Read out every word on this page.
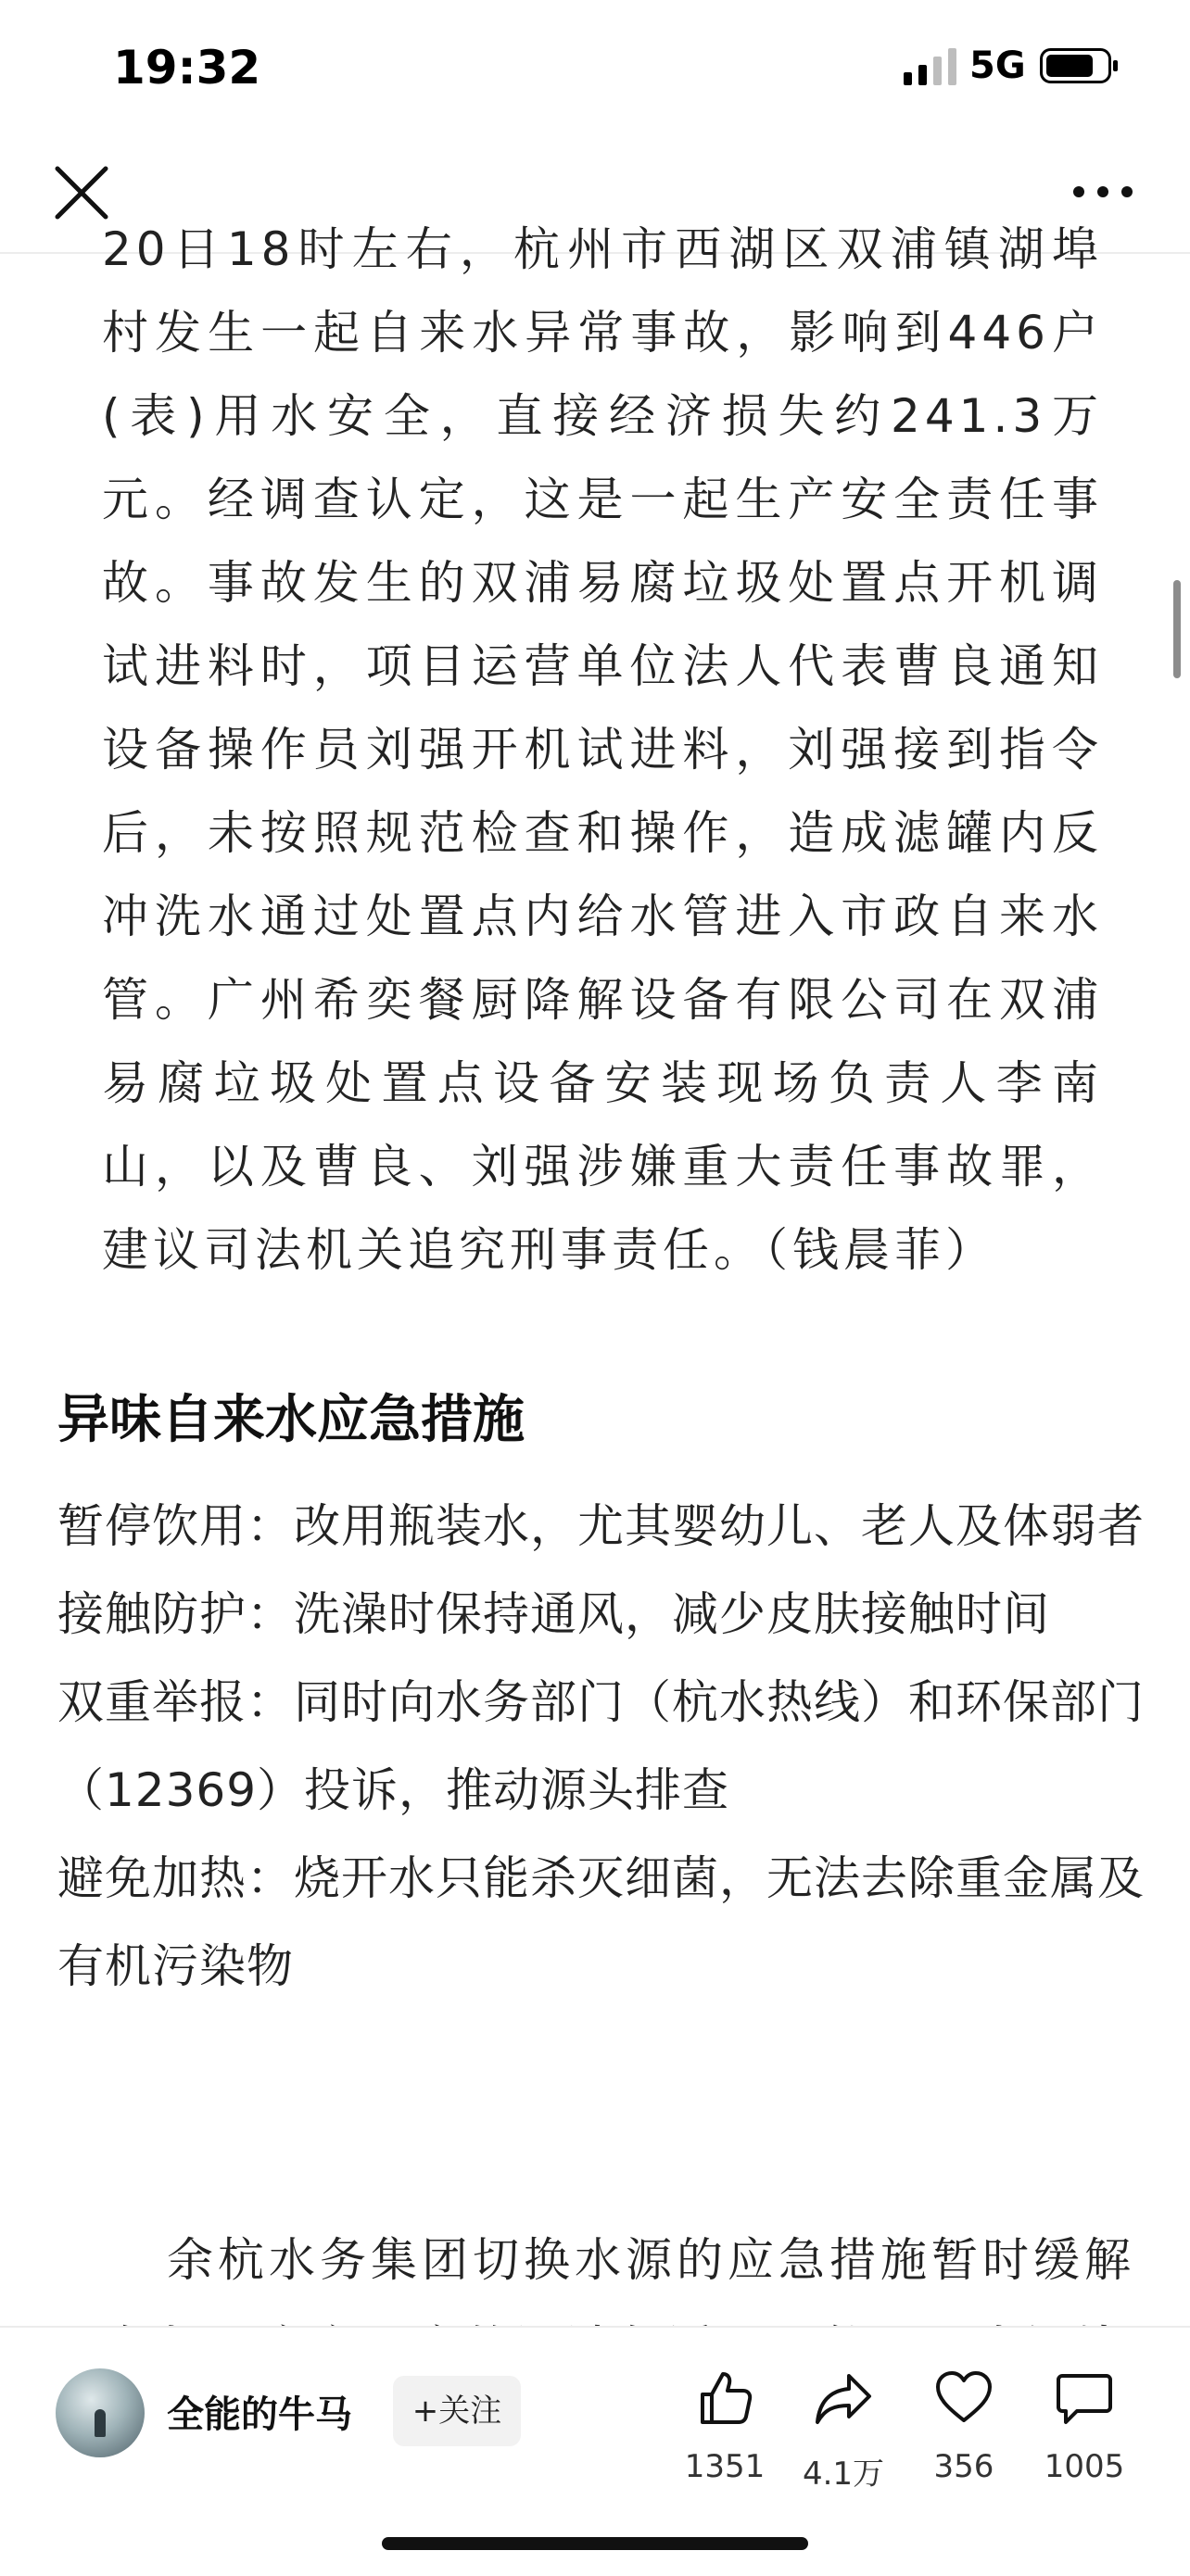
19:32	5G
20日18时左右，杭州市西湖区双浦镇湖埠村发生一起自来水异常事故，影响到446户(表)用水安全，直接经济损失约241.3万元。经调查认定，这是一起生产安全责任事故。事故发生的双浦易腐垃圾处置点开机调试进料时，项目运营单位法人代表曹良通知设备操作员刘强开机试进料，刘强接到指令后，未按照规范检查和操作，造成滤罐内反冲洗水通过处置点内给水管进入市政自来水管。广州希奕餐厨降解设备有限公司在双浦易腐垃圾处置点设备安装现场负责人李南山，以及曹良、刘强涉嫌重大责任事故罪，建议司法机关追究刑事责任。（钱晨菲）
异味自来水应急措施
暂停饮用：改用瓶装水，尤其婴幼儿、老人及体弱者
接触防护：洗澡时保持通风，减少皮肤接触时间
双重举报：同时向水务部门（杭水热线）和环保部门（12369）投诉，推动源头排查
避免加热：烧开水只能杀灭细菌，无法去除重金属及有机污染物
余杭水务集团切换水源的应急措施暂时缓解
全能的牛马	+关注
1351	4.1万	356	1005
